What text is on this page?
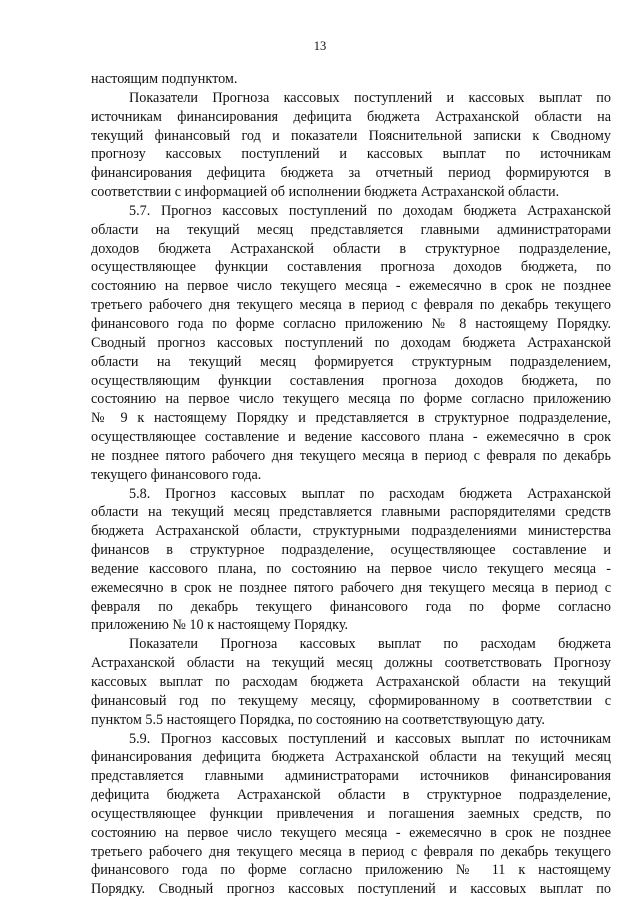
13
настоящим подпунктом.
Показатели Прогноза кассовых поступлений и кассовых выплат по
источникам финансирования дефицита бюджета Астраханской области на
текущий финансовый год и показатели Пояснительной записки к Сводному
прогнозу кассовых поступлений и кассовых выплат по источникам
финансирования дефицита бюджета за отчетный период формируются в
соответствии с информацией об исполнении бюджета Астраханской области.
5.7. Прогноз кассовых поступлений по доходам бюджета Астраханской
области на текущий месяц представляется главными администраторами
доходов бюджета Астраханской области в структурное подразделение,
осуществляющее функции составления прогноза доходов бюджета, по
состоянию на первое число текущего месяца - ежемесячно в срок не позднее
третьего рабочего дня текущего месяца в период с февраля по декабрь текущего
финансового года по форме согласно приложению № 8 настоящему Порядку.
Сводный прогноз кассовых поступлений по доходам бюджета Астраханской
области на текущий месяц формируется структурным подразделением,
осуществляющим функции составления прогноза доходов бюджета, по
состоянию на первое число текущего месяца по форме согласно приложению
№ 9 к настоящему Порядку и представляется в структурное подразделение,
осуществляющее составление и ведение кассового плана - ежемесячно в срок
не позднее пятого рабочего дня текущего месяца в период с февраля по декабрь
текущего финансового года.
5.8. Прогноз кассовых выплат по расходам бюджета Астраханской
области на текущий месяц представляется главными распорядителями средств
бюджета Астраханской области, структурными подразделениями министерства
финансов в структурное подразделение, осуществляющее составление и
ведение кассового плана, по состоянию на первое число текущего месяца -
ежемесячно в срок не позднее пятого рабочего дня текущего месяца в период с
февраля по декабрь текущего финансового года по форме согласно
приложению № 10 к настоящему Порядку.
Показатели Прогноза кассовых выплат по расходам бюджета
Астраханской области на текущий месяц должны соответствовать Прогнозу
кассовых выплат по расходам бюджета Астраханской области на текущий
финансовый год по текущему месяцу, сформированному в соответствии с
пунктом 5.5 настоящего Порядка, по состоянию на соответствующую дату.
5.9. Прогноз кассовых поступлений и кассовых выплат по источникам
финансирования дефицита бюджета Астраханской области на текущий месяц
представляется главными администраторами источников финансирования
дефицита бюджета Астраханской области в структурное подразделение,
осуществляющее функции привлечения и погашения заемных средств, по
состоянию на первое число текущего месяца - ежемесячно в срок не позднее
третьего рабочего дня текущего месяца в период с февраля по декабрь текущего
финансового года по форме согласно приложению № 11 к настоящему
Порядку. Сводный прогноз кассовых поступлений и кассовых выплат по
